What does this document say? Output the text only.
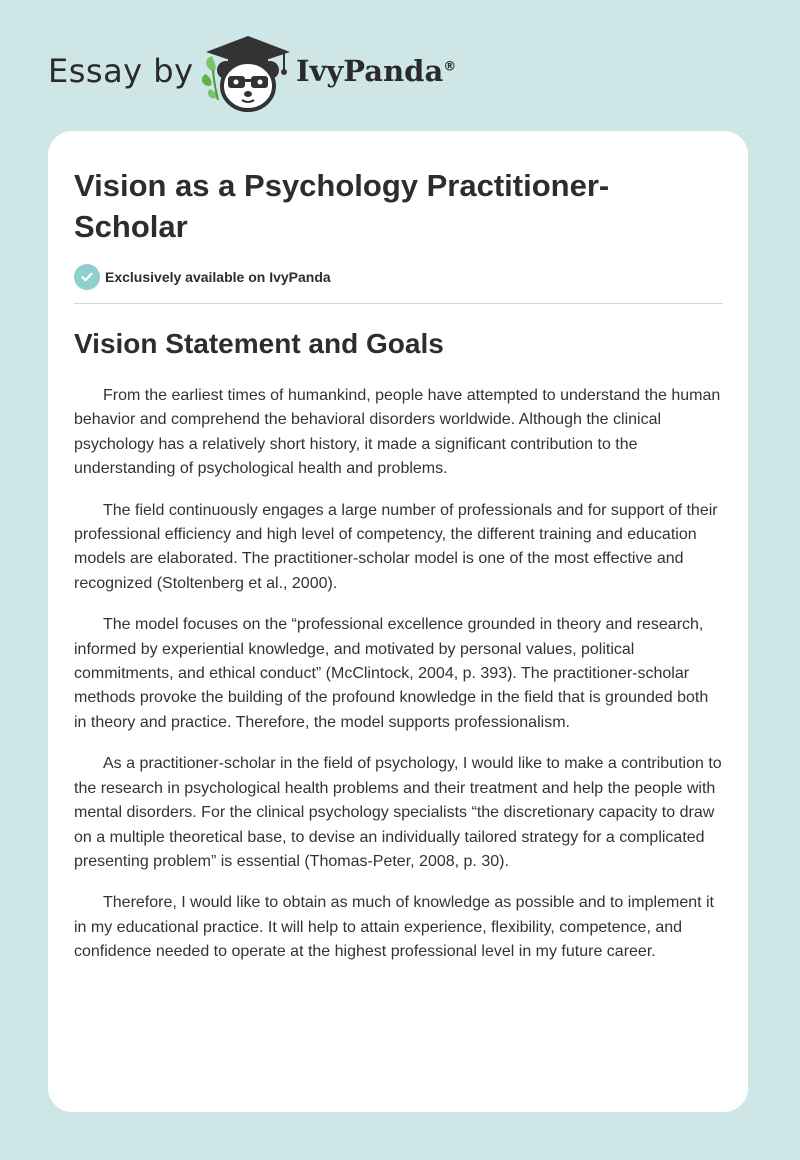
Essay by	IvyPanda®
Vision as a Psychology Practitioner-Scholar
Exclusively available on IvyPanda
Vision Statement and Goals

From the earliest times of humankind, people have attempted to understand the human behavior and comprehend the behavioral disorders worldwide. Although the clinical psychology has a relatively short history, it made a significant contribution to the understanding of psychological health and problems.

The field continuously engages a large number of professionals and for support of their professional efficiency and high level of competency, the different training and education models are elaborated. The practitioner-scholar model is one of the most effective and recognized (Stoltenberg et al., 2000).

The model focuses on the “professional excellence grounded in theory and research, informed by experiential knowledge, and motivated by personal values, political commitments, and ethical conduct” (McClintock, 2004, p. 393). The practitioner-scholar methods provoke the building of the profound knowledge in the field that is grounded both in theory and practice. Therefore, the model supports professionalism.

As a practitioner-scholar in the field of psychology, I would like to make a contribution to the research in psychological health problems and their treatment and help the people with mental disorders. For the clinical psychology specialists “the discretionary capacity to draw on a multiple theoretical base, to devise an individually tailored strategy for a complicated presenting problem” is essential (Thomas-Peter, 2008, p. 30).

Therefore, I would like to obtain as much of knowledge as possible and to implement it in my educational practice. It will help to attain experience, flexibility, competence, and confidence needed to operate at the highest professional level in my future career.
